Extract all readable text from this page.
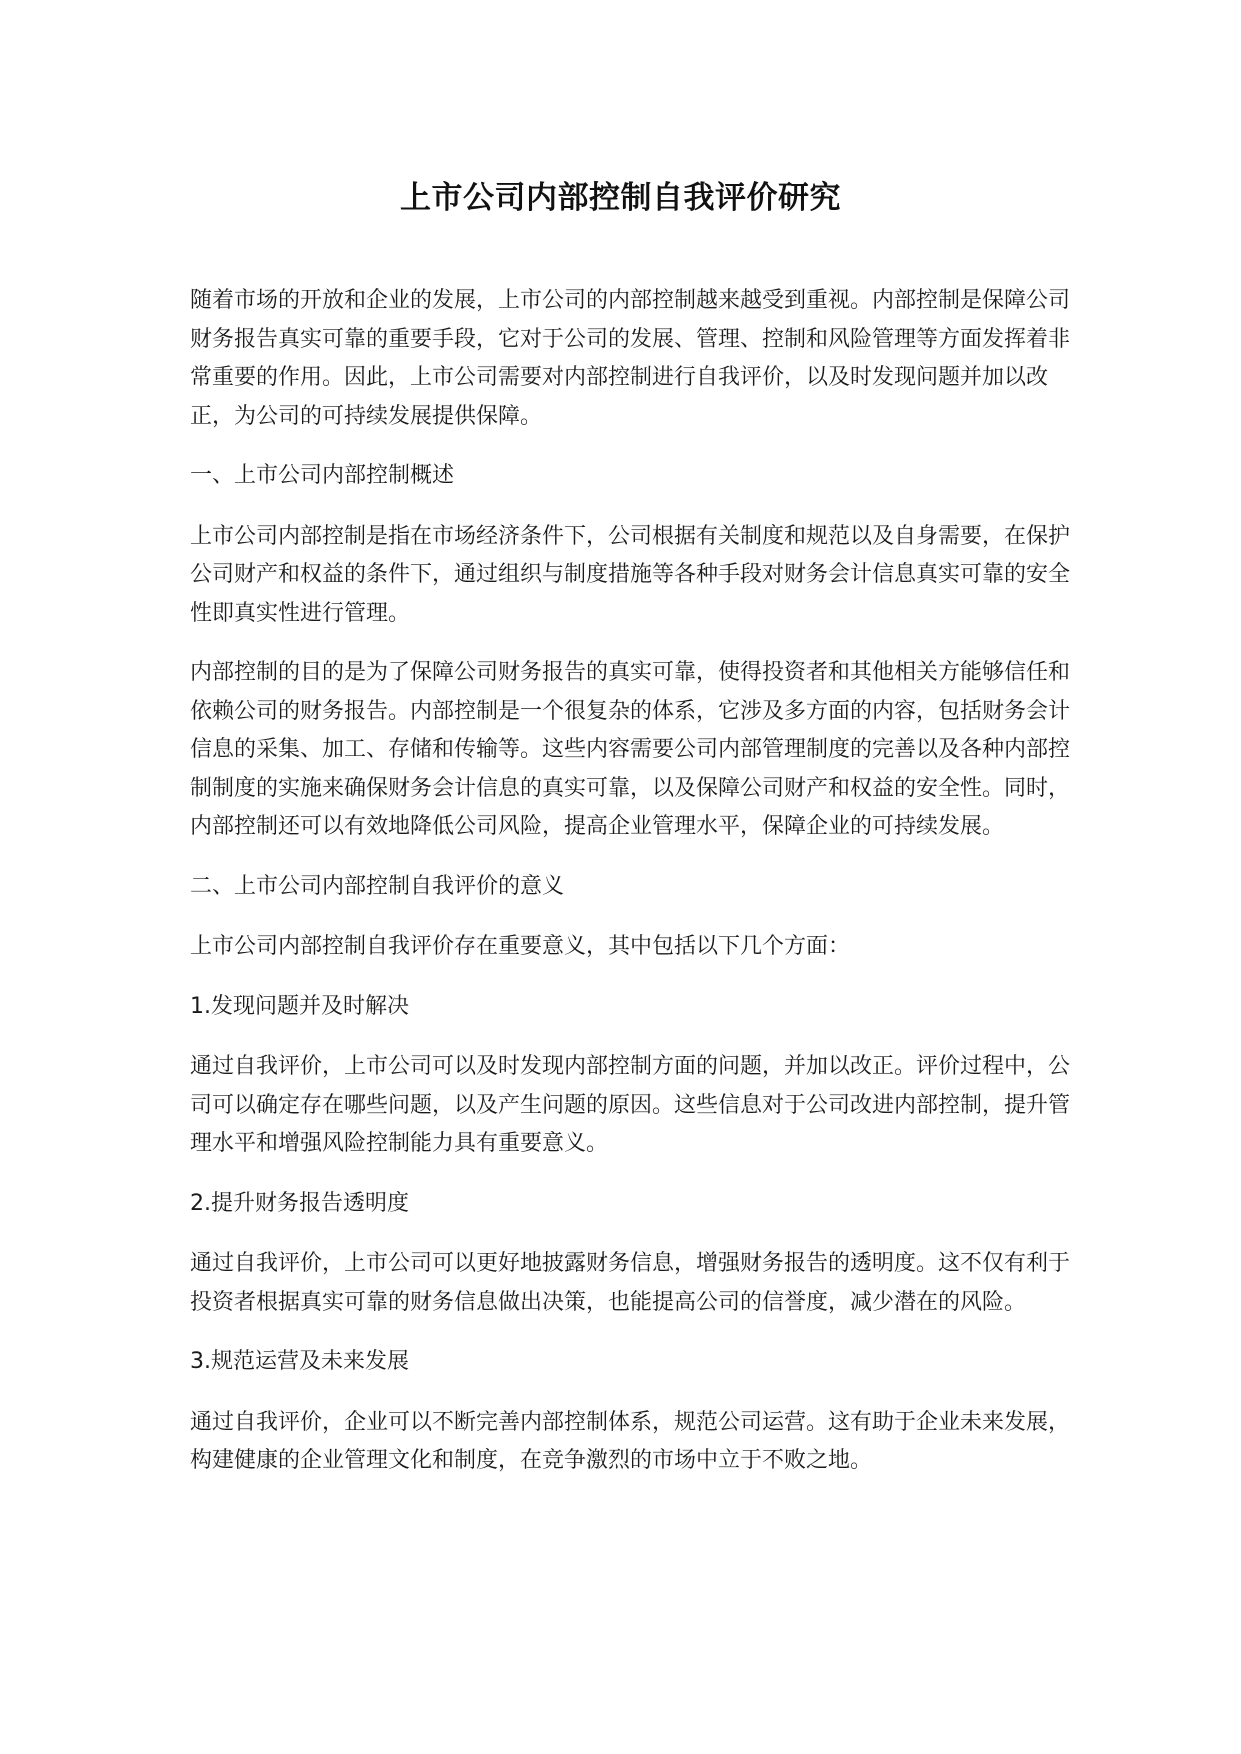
上市公司内部控制自我评价研究

随着市场的开放和企业的发展，上市公司的内部控制越来越受到重视。内部控制是保障公司财务报告真实可靠的重要手段，它对于公司的发展、管理、控制和风险管理等方面发挥着非常重要的作用。因此，上市公司需要对内部控制进行自我评价，以及时发现问题并加以改正，为公司的可持续发展提供保障。

一、上市公司内部控制概述

上市公司内部控制是指在市场经济条件下，公司根据有关制度和规范以及自身需要，在保护公司财产和权益的条件下，通过组织与制度措施等各种手段对财务会计信息真实可靠的安全性即真实性进行管理。

内部控制的目的是为了保障公司财务报告的真实可靠，使得投资者和其他相关方能够信任和依赖公司的财务报告。内部控制是一个很复杂的体系，它涉及多方面的内容，包括财务会计信息的采集、加工、存储和传输等。这些内容需要公司内部管理制度的完善以及各种内部控制制度的实施来确保财务会计信息的真实可靠，以及保障公司财产和权益的安全性。同时，内部控制还可以有效地降低公司风险，提高企业管理水平，保障企业的可持续发展。

二、上市公司内部控制自我评价的意义

上市公司内部控制自我评价存在重要意义，其中包括以下几个方面：

1.发现问题并及时解决

通过自我评价，上市公司可以及时发现内部控制方面的问题，并加以改正。评价过程中，公司可以确定存在哪些问题，以及产生问题的原因。这些信息对于公司改进内部控制，提升管理水平和增强风险控制能力具有重要意义。

2.提升财务报告透明度

通过自我评价，上市公司可以更好地披露财务信息，增强财务报告的透明度。这不仅有利于投资者根据真实可靠的财务信息做出决策，也能提高公司的信誉度，减少潜在的风险。

3.规范运营及未来发展

通过自我评价，企业可以不断完善内部控制体系，规范公司运营。这有助于企业未来发展，构建健康的企业管理文化和制度，在竞争激烈的市场中立于不败之地。
